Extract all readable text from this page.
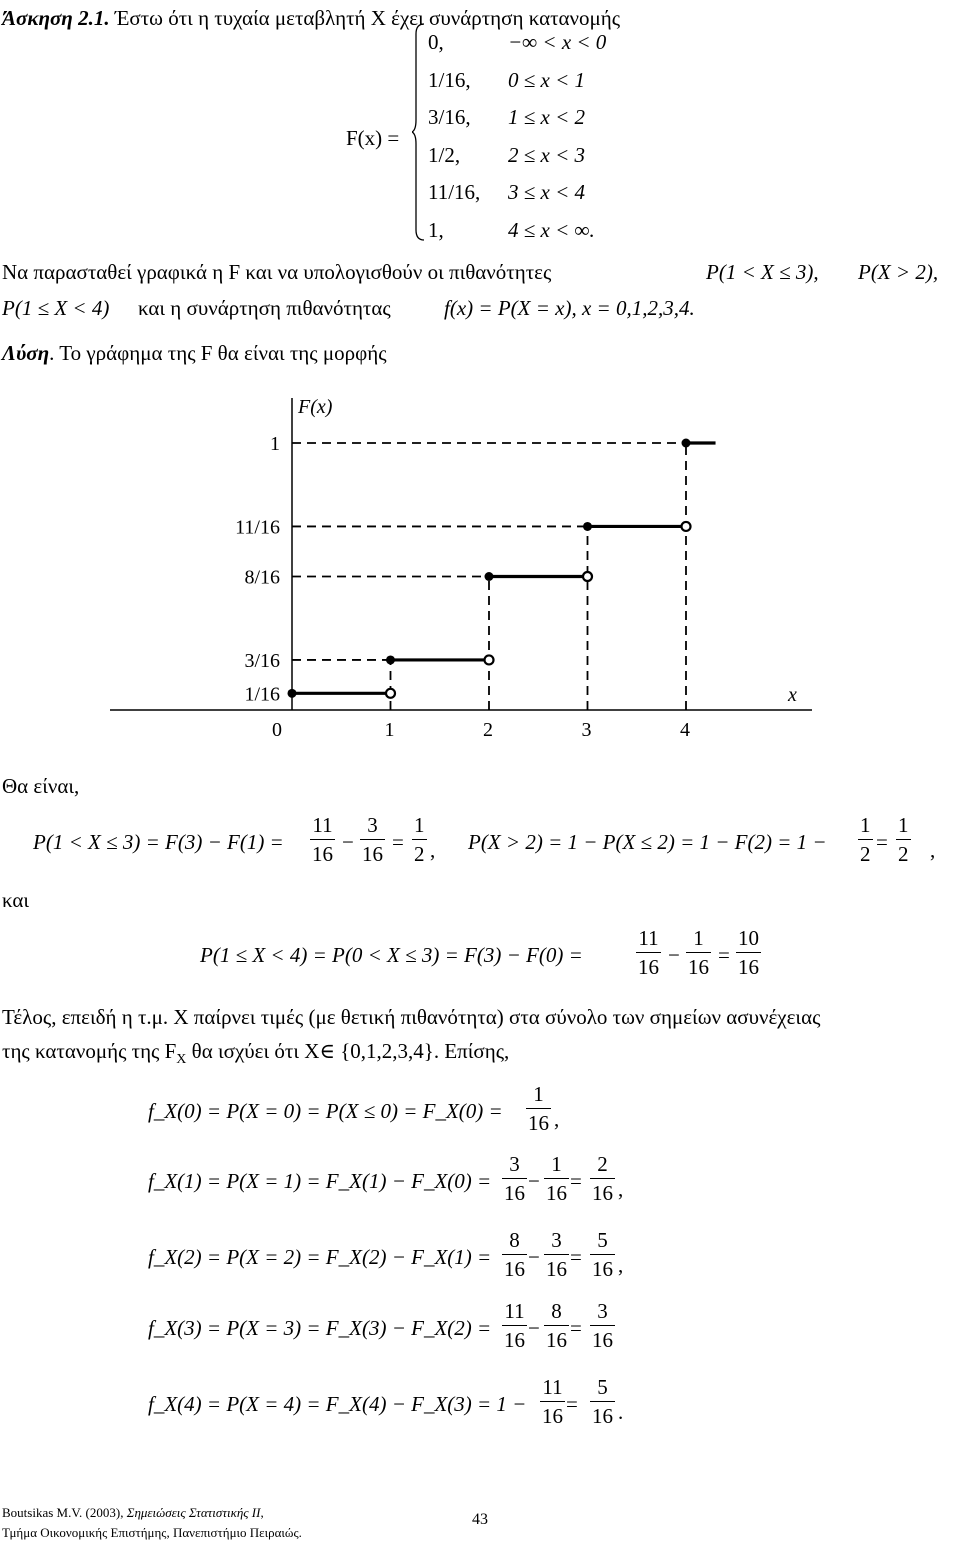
Άσκηση 2.1. Έστω ότι η τυχαία μεταβλητή X έχει συνάρτηση κατανομής
F(x) =
0,	−∞ < x < 0
1/16, 0 ≤ x < 1
3/16, 1 ≤ x < 2
1/2, 2 ≤ x < 3
11/16, 3 ≤ x < 4
1,	4 ≤ x < ∞.
Να παρασταθεί γραφικά η F και να υπολογισθούν οι πιθανότητες	P(1 < X ≤ 3), P(X > 2),
P(1 ≤ X < 4) και η συνάρτηση πιθανότητας	f(x) = P(X = x), x = 0,1,2,3,4.
Λύση. Το γράφημα της F θα είναι της μορφής
F(x)
x
0	1	2	3	4
1/16
3/16
8/16
11/16
1
Θα είναι,
$P(1 < X \le 3) = F(3) - F(1) = \frac{11}{16} - \frac{3}{16} = \frac{1}{2}$ , $P(X > 2) = 1 - P(X \le 2) = 1 - F(2) = 1 - \frac{1}{2} = \frac{1}{2}$ ,
και
P(1 ≤ X < 4) = P(0 < X ≤ 3) = F(3) − F(0) =	$\frac{11}{16} - \frac{1}{16} = \frac{10}{16}$
Τέλος, επειδή η τ.μ. X παίρνει τιμές (με θετική πιθανότητα) στα σύνολο των σημείων ασυνέχειας
της κατανομής της $F_X$ θα ισχύει ότι X∈ {0,1,2,3,4}. Επίσης,
f_X(0) = P(X = 0) = P(X ≤ 0) = F_X(0) = $\frac{1}{16}$ ,
f_X(1) = P(X = 1) = F_X(1) − F_X(0) = $\frac{3}{16} - \frac{1}{16} = \frac{2}{16}$ ,
f_X(2) = P(X = 2) = F_X(2) − F_X(1) = $\frac{8}{16} - \frac{3}{16} = \frac{5}{16}$ ,
f_X(3) = P(X = 3) = F_X(3) − F_X(2) = $\frac{11}{16} - \frac{8}{16} = \frac{3}{16}$
f_X(4) = P(X = 4) = F_X(4) − F_X(3) = $1 - \frac{11}{16} = \frac{5}{16}$ .
Boutsikas M.V. (2003), Σημειώσεις Στατιστικής ΙΙ,
Τμήμα Οικονομικής Επιστήμης, Πανεπιστήμιο Πειραιώς.
43
